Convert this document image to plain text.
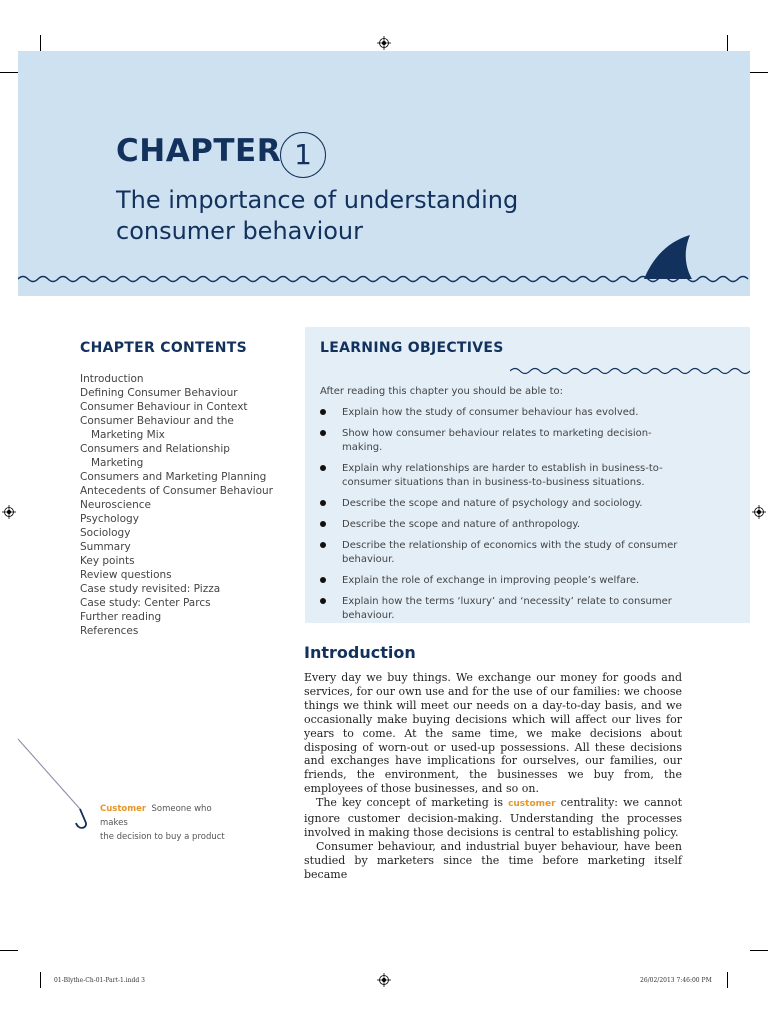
CHAPTER 1
The importance of understanding
consumer behaviour
CHAPTER CONTENTS
Introduction
Defining Consumer Behaviour
Consumer Behaviour in Context
Consumer Behaviour and the
Marketing Mix
Consumers and Relationship
Marketing
Consumers and Marketing Planning
Antecedents of Consumer Behaviour
Neuroscience
Psychology
Sociology
Summary
Key points
Review questions
Case study revisited: Pizza
Case study: Center Parcs
Further reading
References
LEARNING OBJECTIVES
After reading this chapter you should be able to:
Explain how the study of consumer behaviour has evolved.
Show how consumer behaviour relates to marketing decision-making.
Explain why relationships are harder to establish in business-to-consumer situations than in business-to-business situations.
Describe the scope and nature of psychology and sociology.
Describe the scope and nature of anthropology.
Describe the relationship of economics with the study of consumer behaviour.
Explain the role of exchange in improving people’s welfare.
Explain how the terms ‘luxury’ and ‘necessity’ relate to consumer behaviour.
Introduction

Every day we buy things. We exchange our money for goods and services, for our own use and for the use of our families: we choose things we think will meet our needs on a day-to-day basis, and we occasionally make buying decisions which will affect our lives for years to come. At the same time, we make decisions about disposing of worn-out or used-up possessions. All these decisions and exchanges have implications for ourselves, our families, our friends, the environment, the businesses we buy from, the employees of those businesses, and so on.

The key concept of marketing is customer centrality: we cannot ignore customer decision-making. Understanding the processes involved in making those decisions is central to establishing policy.

Consumer behaviour, and industrial buyer behaviour, have been studied by marketers since the time before marketing itself became

Customer Someone who makes
the decision to buy a product
01-Blythe-Ch-01-Part-1.indd 3	26/02/2013 7:46:00 PM
